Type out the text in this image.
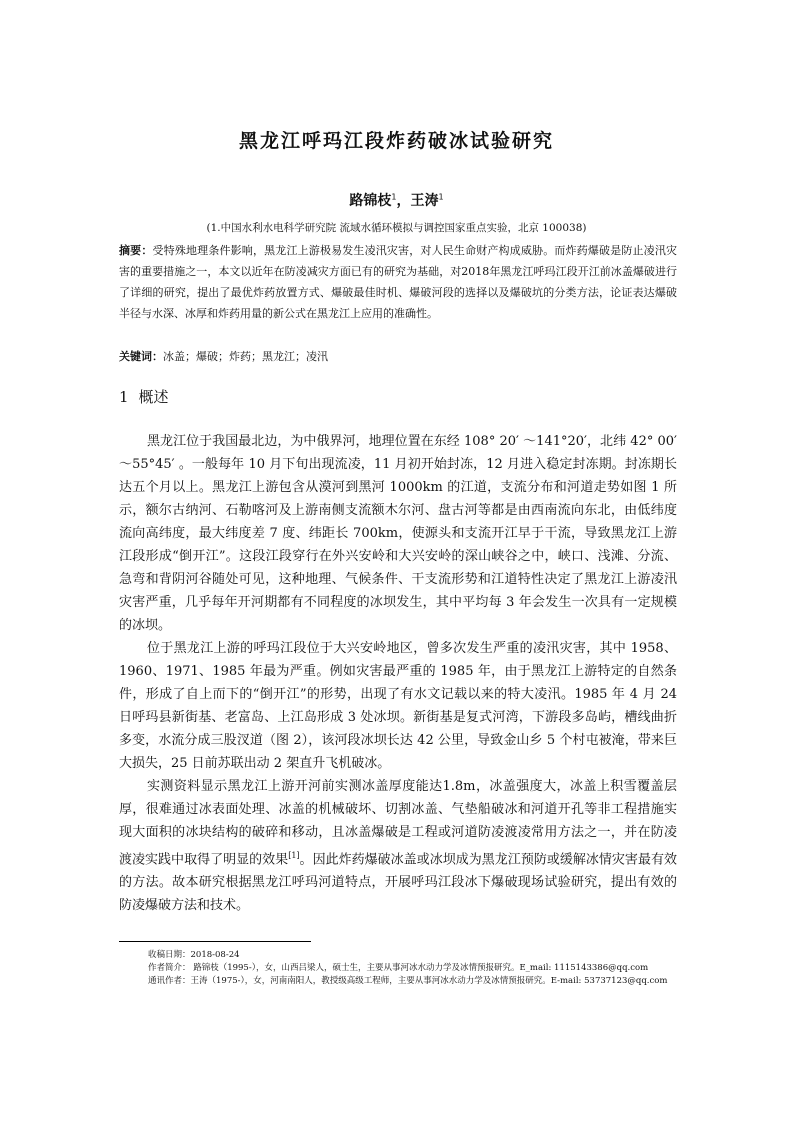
黑龙江呼玛江段炸药破冰试验研究
路锦枝$^1$，王涛$^1$
(1.中国水利水电科学研究院 流域水循环模拟与调控国家重点实验，北京 100038)
摘要：受特殊地理条件影响，黑龙江上游极易发生凌汛灾害，对人民生命财产构成威胁。而炸药爆破是防止凌汛灾害的重要措施之一，本文以近年在防凌减灾方面已有的研究为基础，对2018年黑龙江呼玛江段开江前冰盖爆破进行了详细的研究，提出了最优炸药放置方式、爆破最佳时机、爆破河段的选择以及爆破坑的分类方法，论证表达爆破半径与水深、冰厚和炸药用量的新公式在黑龙江上应用的准确性。
关键词：冰盖；爆破；炸药；黑龙江；凌汛
1 概述

黑龙江位于我国最北边，为中俄界河，地理位置在东经 108° 20′ ～141°20′，北纬 42° 00′ ～55°45′ 。一般每年 10 月下旬出现流凌，11 月初开始封冻，12 月进入稳定封冻期。封冻期长达五个月以上。黑龙江上游包含从漠河到黑河 1000km 的江道，支流分布和河道走势如图 1 所示，额尔古纳河、石勒喀河及上游南侧支流额木尔河、盘古河等都是由西南流向东北，由低纬度流向高纬度，最大纬度差 7 度、纬距长 700km，使源头和支流开江早于干流，导致黑龙江上游江段形成“倒开江”。这段江段穿行在外兴安岭和大兴安岭的深山峡谷之中，峡口、浅滩、分流、急弯和背阴河谷随处可见，这种地理、气候条件、干支流形势和江道特性决定了黑龙江上游凌汛灾害严重，几乎每年开河期都有不同程度的冰坝发生，其中平均每 3 年会发生一次具有一定规模的冰坝。

位于黑龙江上游的呼玛江段位于大兴安岭地区，曾多次发生严重的凌汛灾害，其中 1958、1960、1971、1985 年最为严重。例如灾害最严重的 1985 年，由于黑龙江上游特定的自然条件，形成了自上而下的“倒开江”的形势，出现了有水文记载以来的特大凌汛。1985 年 4 月 24 日呼玛县新街基、老富岛、上江岛形成 3 处冰坝。新街基是复式河湾，下游段多岛屿，槽线曲折多变，水流分成三股汊道（图 2），该河段冰坝长达 42 公里，导致金山乡 5 个村屯被淹，带来巨大损失，25 日前苏联出动 2 架直升飞机破冰。

实测资料显示黑龙江上游开河前实测冰盖厚度能达1.8m，冰盖强度大，冰盖上积雪覆盖层厚，很难通过冰表面处理、冰盖的机械破坏、切割冰盖、气垫船破冰和河道开孔等非工程措施实现大面积的冰块结构的破碎和移动，且冰盖爆破是工程或河道防凌渡凌常用方法之一，并在防凌渡凌实践中取得了明显的效果[1]。因此炸药爆破冰盖或冰坝成为黑龙江预防或缓解冰情灾害最有效的方法。故本研究根据黑龙江呼玛河道特点，开展呼玛江段冰下爆破现场试验研究，提出有效的防凌爆破方法和技术。

收稿日期：2018-08-24
作者简介： 路锦枝（1995-），女，山西吕梁人，硕士生，主要从事河冰水动力学及冰情预报研究。E_mail: 1115143386@qq.com
通讯作者：王涛（1975-），女，河南南阳人，教授级高级工程师，主要从事河冰水动力学及冰情预报研究。E-mail: 53737123@qq.com
